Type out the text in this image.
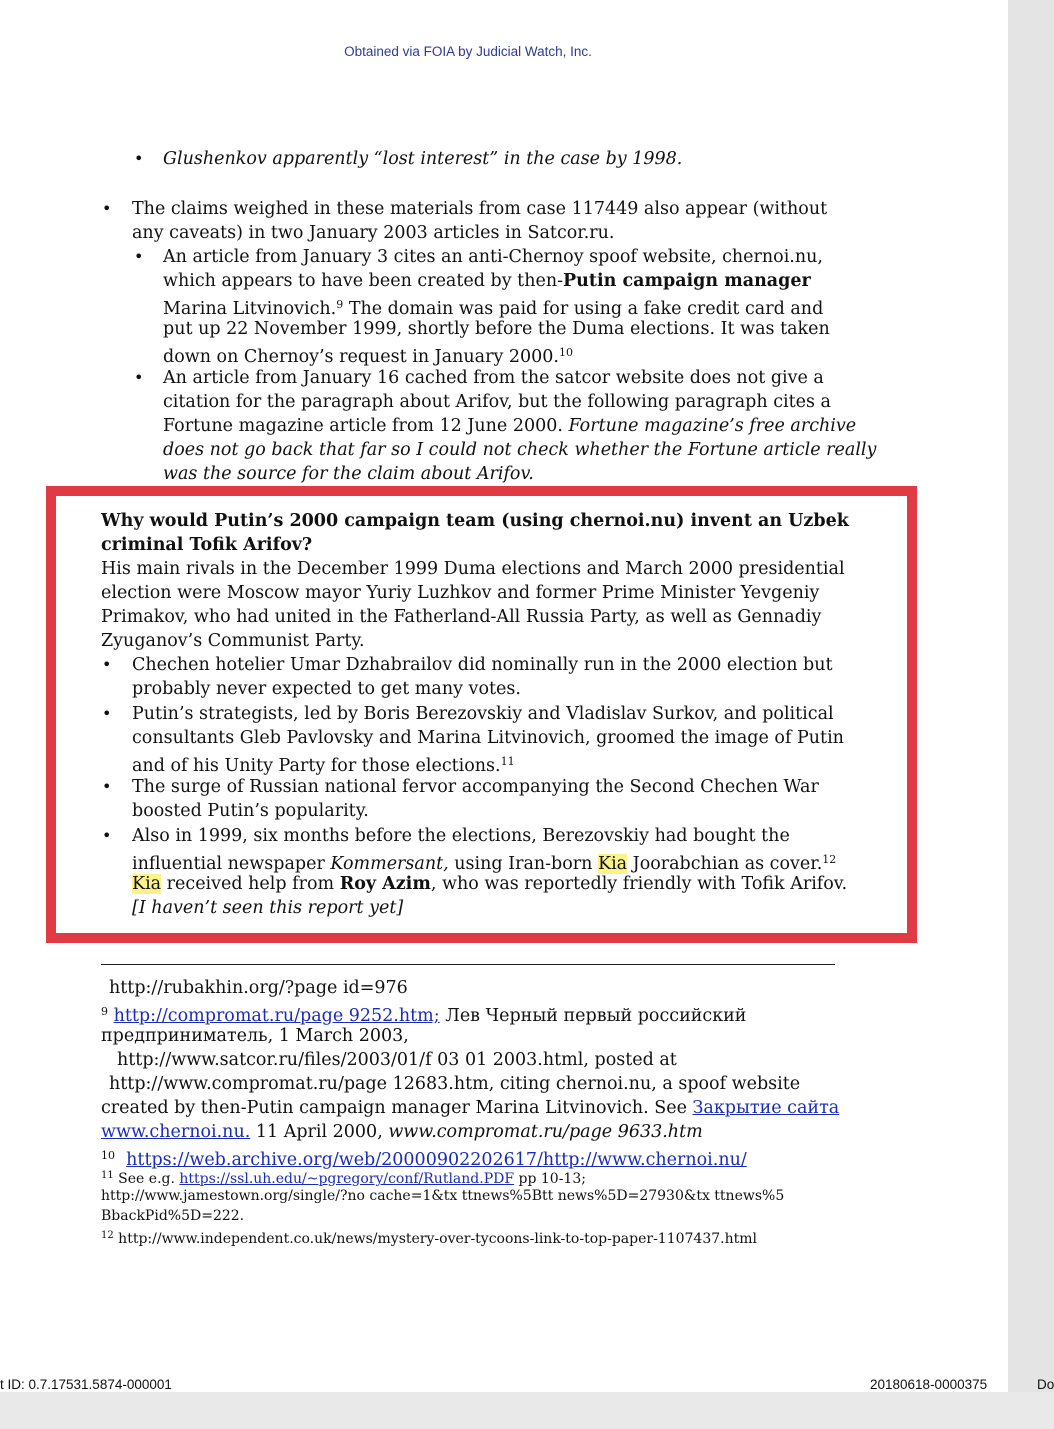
Obtained via FOIA by Judicial Watch, Inc.
• Glushenkov apparently “lost interest” in the case by 1998.
• The claims weighed in these materials from case 117449 also appear (without
any caveats) in two January 2003 articles in Satcor.ru.
• An article from January 3 cites an anti-Chernoy spoof website, chernoi.nu,
which appears to have been created by then-Putin campaign manager
Marina Litvinovich.$^9$ The domain was paid for using a fake credit card and
put up 22 November 1999, shortly before the Duma elections. It was taken
down on Chernoy’s request in January 2000.10
• An article from January 16 cached from the satcor website does not give a
citation for the paragraph about Arifov, but the following paragraph cites a
Fortune magazine article from 12 June 2000. Fortune magazine’s free archive
does not go back that far so I could not check whether the Fortune article really
was the source for the claim about Arifov.
Why would Putin’s 2000 campaign team (using chernoi.nu) invent an Uzbek
criminal Tofik Arifov?
His main rivals in the December 1999 Duma elections and March 2000 presidential
election were Moscow mayor Yuriy Luzhkov and former Prime Minister Yevgeniy
Primakov, who had united in the Fatherland-All Russia Party, as well as Gennadiy
Zyuganov’s Communist Party.
• Chechen hotelier Umar Dzhabrailov did nominally run in the 2000 election but
probably never expected to get many votes.
• Putin’s strategists, led by Boris Berezovskiy and Vladislav Surkov, and political
consultants Gleb Pavlovsky and Marina Litvinovich, groomed the image of Putin
and of his Unity Party for those elections.$^{11}$
• The surge of Russian national fervor accompanying the Second Chechen War
boosted Putin’s popularity.
• Also in 1999, six months before the elections, Berezovskiy had bought the
influential newspaper Kommersant, using Iran-born Kia Joorabchian as cover.$^{12}$
Kia received help from Roy Azim, who was reportedly friendly with Tofik Arifov.
[I haven’t seen this report yet]
http://rubakhin.org/?page id=976
$^9$ http://compromat.ru/page 9252.htm; Лев Черный первый российский
предприниматель, 1 March 2003,
http://www.satcor.ru/files/2003/01/f 03 01 2003.html, posted at
http://www.compromat.ru/page 12683.htm, citing chernoi.nu, a spoof website
created by then-Putin campaign manager Marina Litvinovich. See Закрытие сайта
www.chernoi.nu. 11 April 2000, www.compromat.ru/page 9633.htm
$^{10}$ https://web.archive.org/web/20000902202617/http://www.chernoi.nu/
$^{11}$ See e.g. https://ssl.uh.edu/~pgregory/conf/Rutland.PDF pp 10-13;
http://www.jamestown.org/single/?no cache=1&tx ttnews%5Btt news%5D=27930&tx ttnews%5
BbackPid%5D=222.
$^{12}$ http://www.independent.co.uk/news/mystery-over-tycoons-link-to-top-paper-1107437.html
t ID: 0.7.17531.5874-000001	20180618-0000375	Do
